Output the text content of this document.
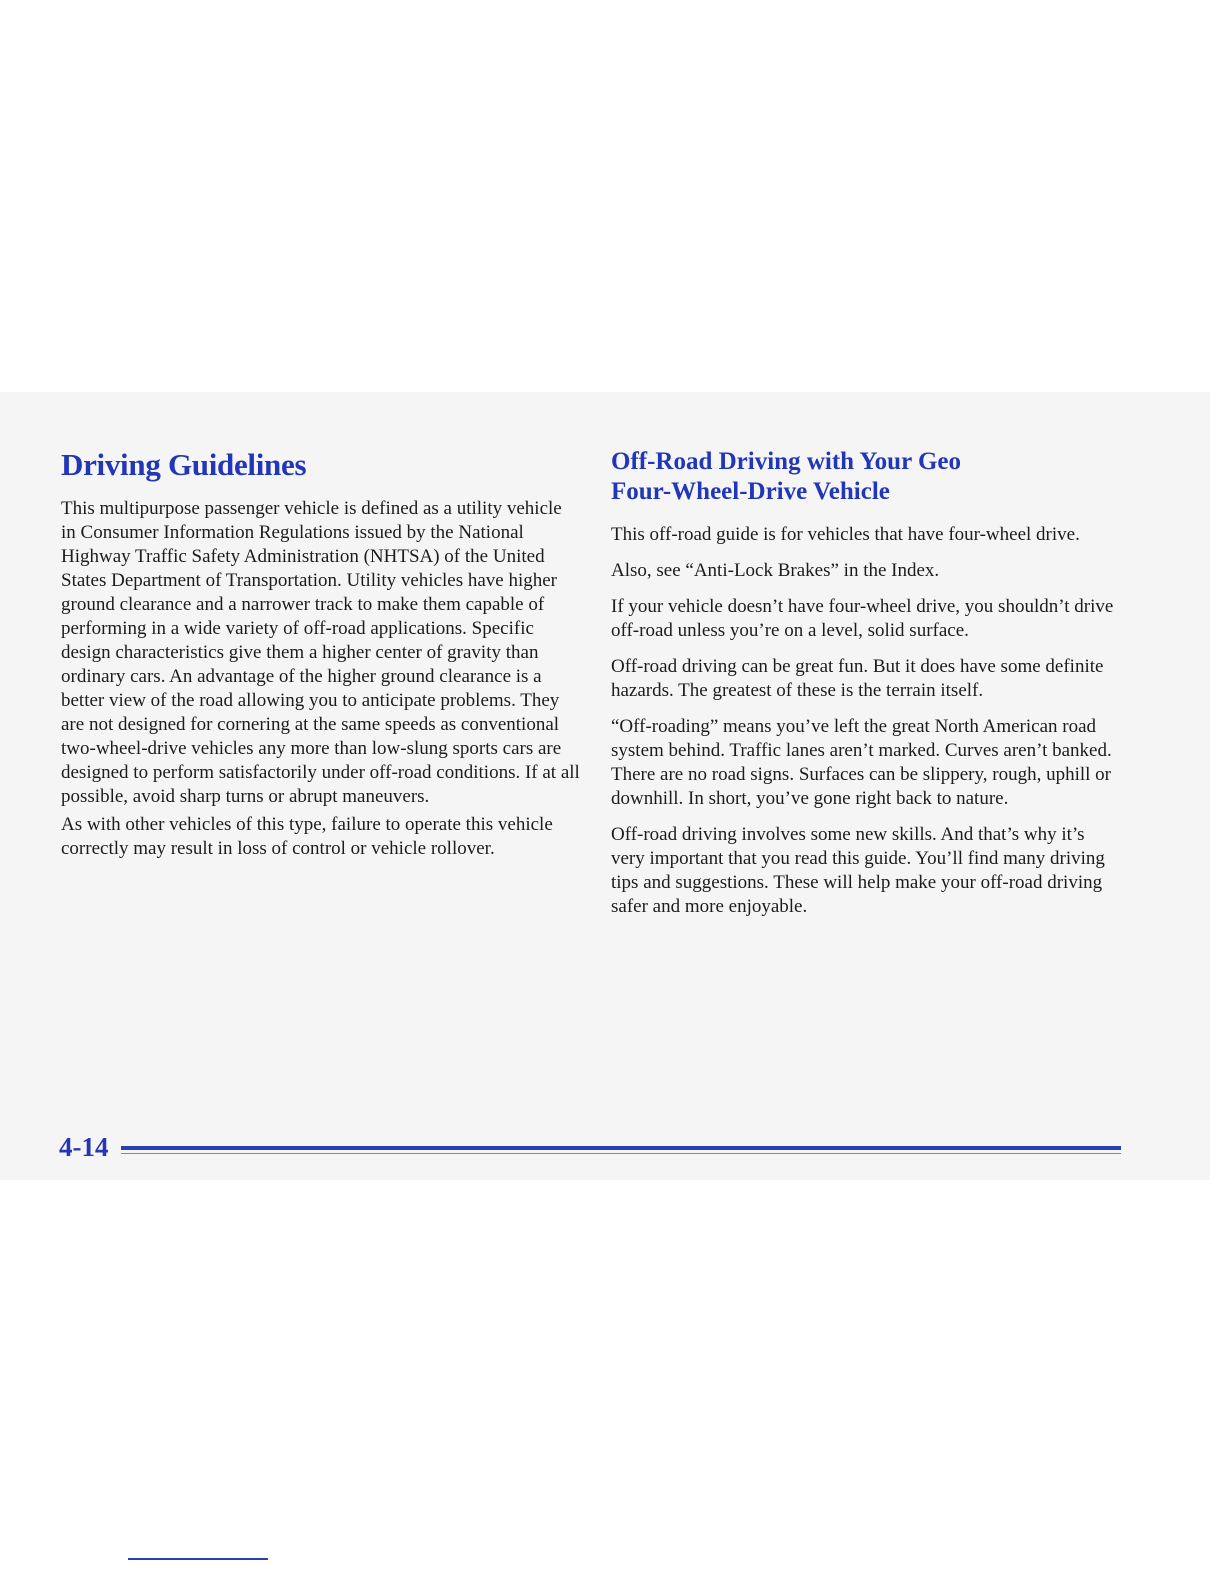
Driving Guidelines

This multipurpose passenger vehicle is defined as a utility vehicle in Consumer Information Regulations issued by the National Highway Traffic Safety Administration (NHTSA) of the United States Department of Transportation. Utility vehicles have higher ground clearance and a narrower track to make them capable of performing in a wide variety of off-road applications. Specific design characteristics give them a higher center of gravity than ordinary cars. An advantage of the higher ground clearance is a better view of the road allowing you to anticipate problems. They are not designed for cornering at the same speeds as conventional two-wheel-drive vehicles any more than low-slung sports cars are designed to perform satisfactorily under off-road conditions. If at all possible, avoid sharp turns or abrupt maneuvers.

As with other vehicles of this type, failure to operate this vehicle correctly may result in loss of control or vehicle rollover.

Off-Road Driving with Your Geo
Four-Wheel-Drive Vehicle

This off-road guide is for vehicles that have four-wheel drive.

Also, see “Anti-Lock Brakes” in the Index.

If your vehicle doesn’t have four-wheel drive, you shouldn’t drive off-road unless you’re on a level, solid surface.

Off-road driving can be great fun. But it does have some definite hazards. The greatest of these is the terrain itself.

“Off-roading” means you’ve left the great North American road system behind. Traffic lanes aren’t marked. Curves aren’t banked. There are no road signs. Surfaces can be slippery, rough, uphill or downhill. In short, you’ve gone right back to nature.

Off-road driving involves some new skills. And that’s why it’s very important that you read this guide. You’ll find many driving tips and suggestions. These will help make your off-road driving safer and more enjoyable.

4-14
